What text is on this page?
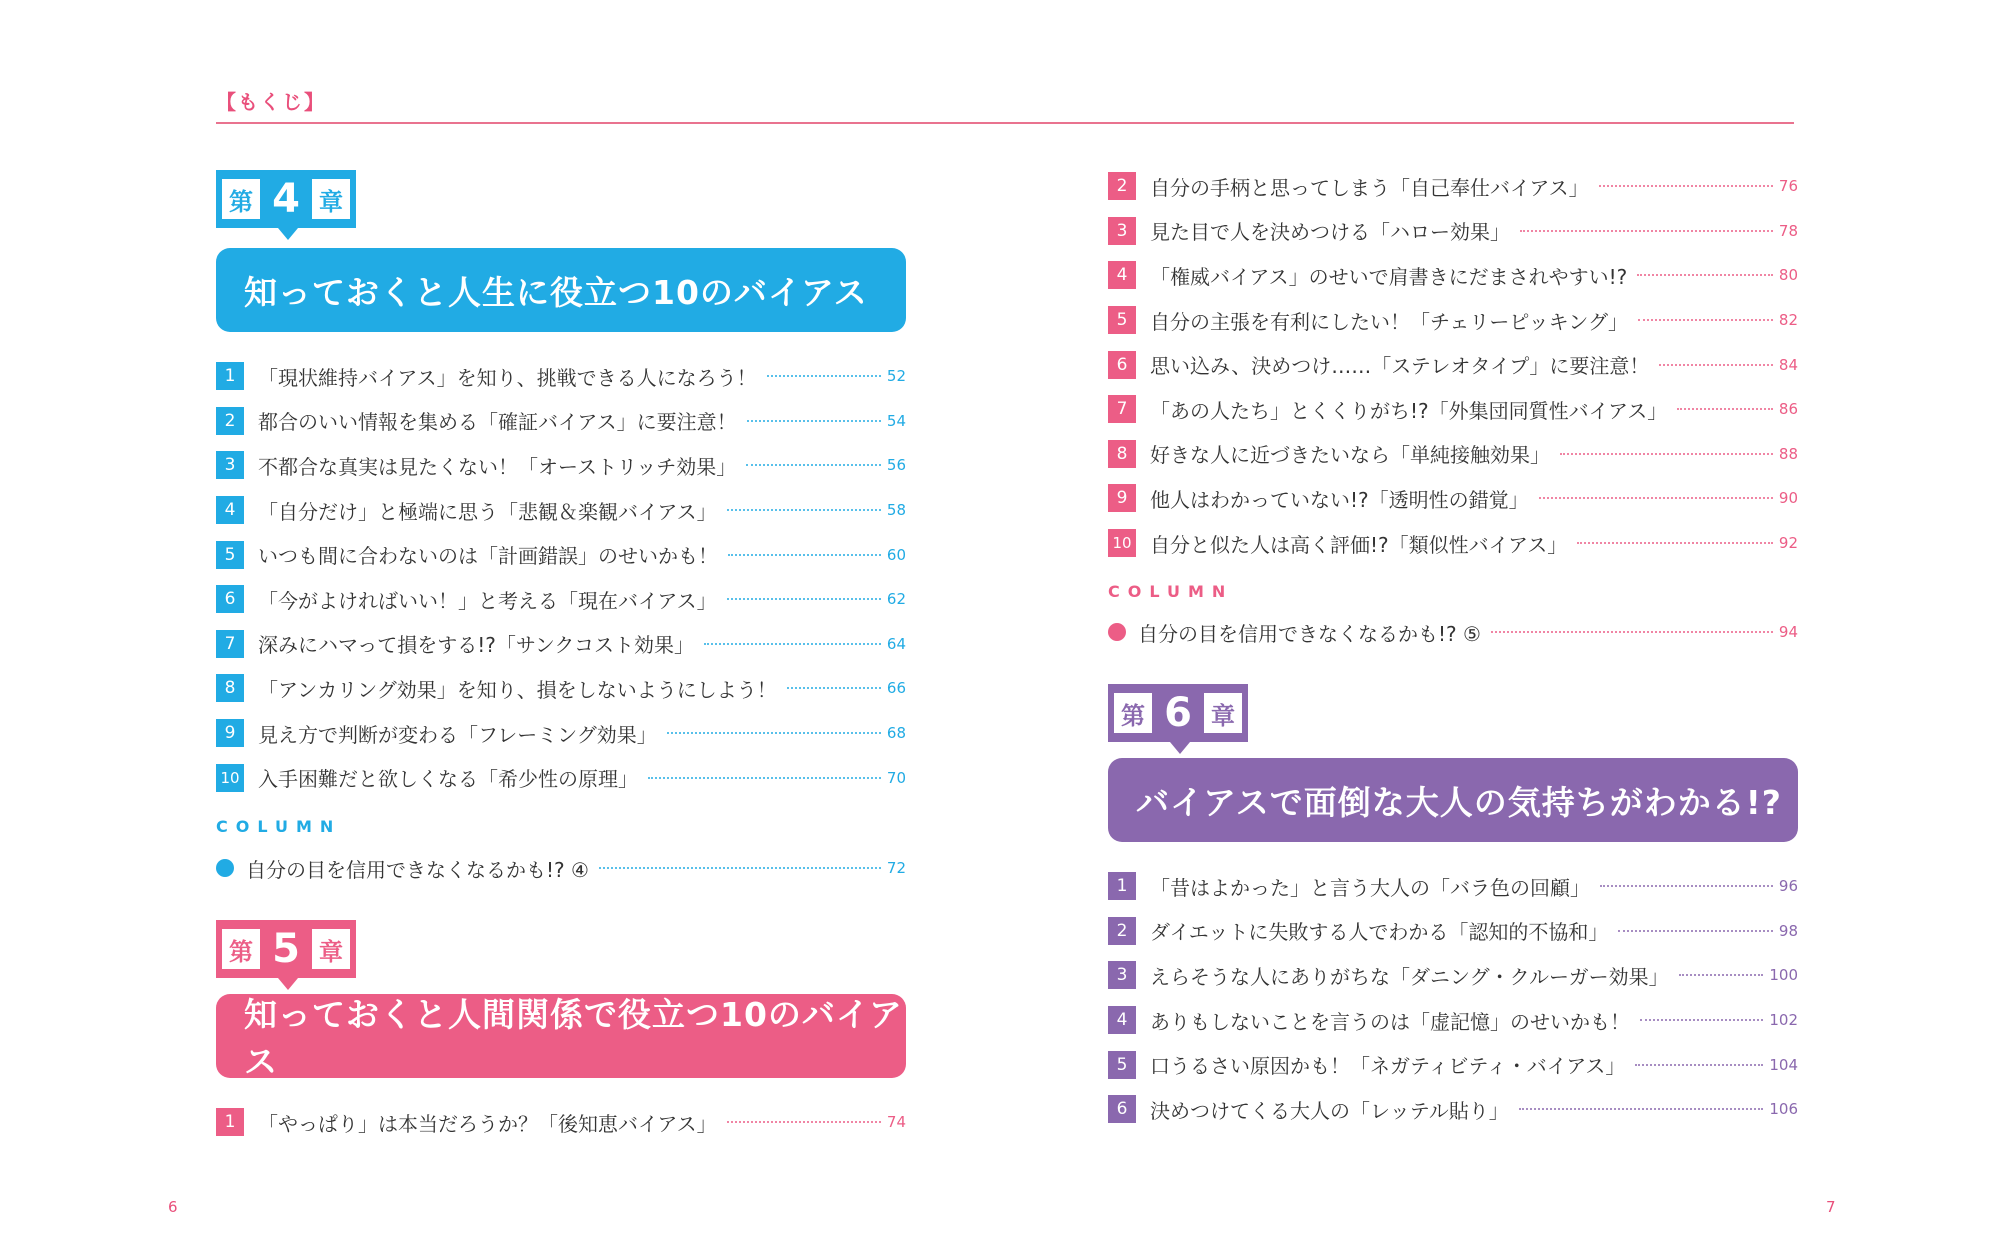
【もくじ】
第 4 章
知っておくと人生に役立つ10のバイアス
1	「現状維持バイアス」を知り、挑戦できる人になろう！	52
2	都合のいい情報を集める「確証バイアス」に要注意！	54
3	不都合な真実は見たくない！「オーストリッチ効果」	56
4	「自分だけ」と極端に思う「悲観＆楽観バイアス」	58
5	いつも間に合わないのは「計画錯誤」のせいかも！	60
6	「今がよければいい！」と考える「現在バイアス」	62
7	深みにハマって損をする!?「サンクコスト効果」	64
8	「アンカリング効果」を知り、損をしないようにしよう！	66
9	見え方で判断が変わる「フレーミング効果」	68
10 入手困難だと欲しくなる「希少性の原理」	70
COLUMN
自分の目を信用できなくなるかも!? ④	72
第 5 章
知っておくと人間関係で役立つ10のバイアス
1	「やっぱり」は本当だろうか？「後知恵バイアス」	74
2	自分の手柄と思ってしまう「自己奉仕バイアス」	76
3	見た目で人を決めつける「ハロー効果」	78
4	「権威バイアス」のせいで肩書きにだまされやすい!?	80
5	自分の主張を有利にしたい！「チェリーピッキング」	82
6	思い込み、決めつけ……「ステレオタイプ」に要注意！	84
7	「あの人たち」とくくりがち!?「外集団同質性バイアス」	86
8	好きな人に近づきたいなら「単純接触効果」	88
9	他人はわかっていない!?「透明性の錯覚」	90
10 自分と似た人は高く評価!?「類似性バイアス」	92
COLUMN
自分の目を信用できなくなるかも!? ⑤	94
第 6 章
バイアスで面倒な大人の気持ちがわかる!?
1	「昔はよかった」と言う大人の「バラ色の回顧」	96
2	ダイエットに失敗する人でわかる「認知的不協和」	98
3	えらそうな人にありがちな「ダニング・クルーガー効果」	100
4	ありもしないことを言うのは「虚記憶」のせいかも！	102
5	口うるさい原因かも！「ネガティビティ・バイアス」	104
6	決めつけてくる大人の「レッテル貼り」	106
6	7
